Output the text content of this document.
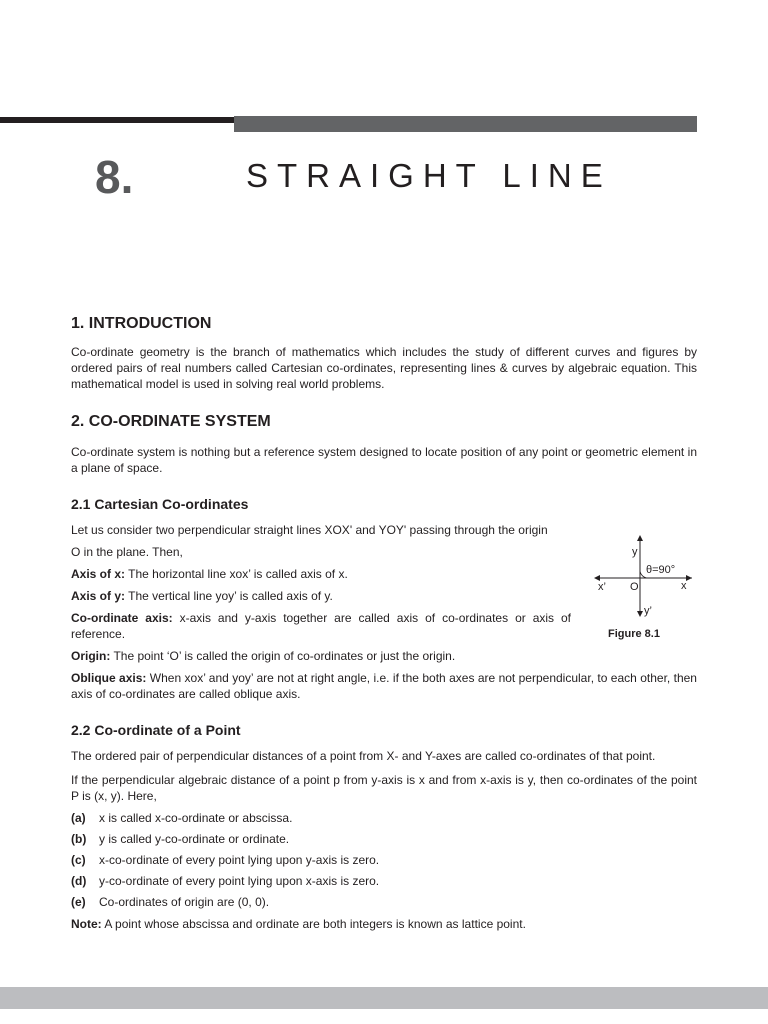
8.	STRAIGHT LINE
1. INTRODUCTION

Co-ordinate geometry is the branch of mathematics which includes the study of different curves and figures by ordered pairs of real numbers called Cartesian co-ordinates, representing lines & curves by algebraic equation. This mathematical model is used in solving real world problems.

2. CO-ORDINATE SYSTEM

Co-ordinate system is nothing but a reference system designed to locate position of any point or geometric element in a plane of space.

2.1 Cartesian Co-ordinates

Let us consider two perpendicular straight lines XOX' and YOY' passing through the origin

O in the plane. Then,

Axis of x: The horizontal line xox’ is called axis of x.

Axis of y: The vertical line yoy’ is called axis of y.

Co-ordinate axis: x-axis and y-axis together are called axis of co-ordinates or axis of reference.

Origin: The point ‘O’ is called the origin of co-ordinates or just the origin.

Oblique axis: When xox’ and yoy’ are not at right angle, i.e. if the both axes are not perpendicular, to each other, then axis of co-ordinates are called oblique axis.

2.2 Co-ordinate of a Point

The ordered pair of perpendicular distances of a point from X- and Y-axes are called co-ordinates of that point.

If the perpendicular algebraic distance of a point p from y-axis is x and from x-axis is y, then co-ordinates of the point P is (x, y). Here,

(a) x is called x-co-ordinate or abscissa.
(b) y is called y-co-ordinate or ordinate.
(c) x-co-ordinate of every point lying upon y-axis is zero.
(d) y-co-ordinate of every point lying upon x-axis is zero.
(e) Co-ordinates of origin are (0, 0).

Note: A point whose abscissa and ordinate are both integers is known as lattice point.

y
θ=90°
x’ O	x
y’
Figure 8.1
